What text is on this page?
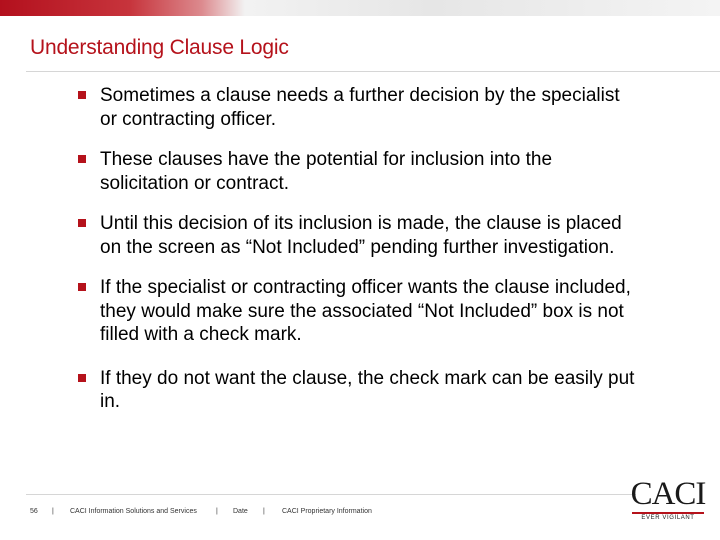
Understanding Clause Logic
Sometimes a clause needs a further decision by the specialist or contracting officer.
These clauses have the potential for inclusion into the solicitation or contract.
Until this decision of its inclusion is made, the clause is placed on the screen as “Not Included” pending further investigation.
If the specialist or contracting officer wants the clause included, they would make sure the associated “Not Included” box is not filled with a check mark.
If they do not want the clause, the check mark can be easily put in.
56 | CACI Information Solutions and Services	| Date | CACI Proprietary Information	CACI
EVER VIGILANT
